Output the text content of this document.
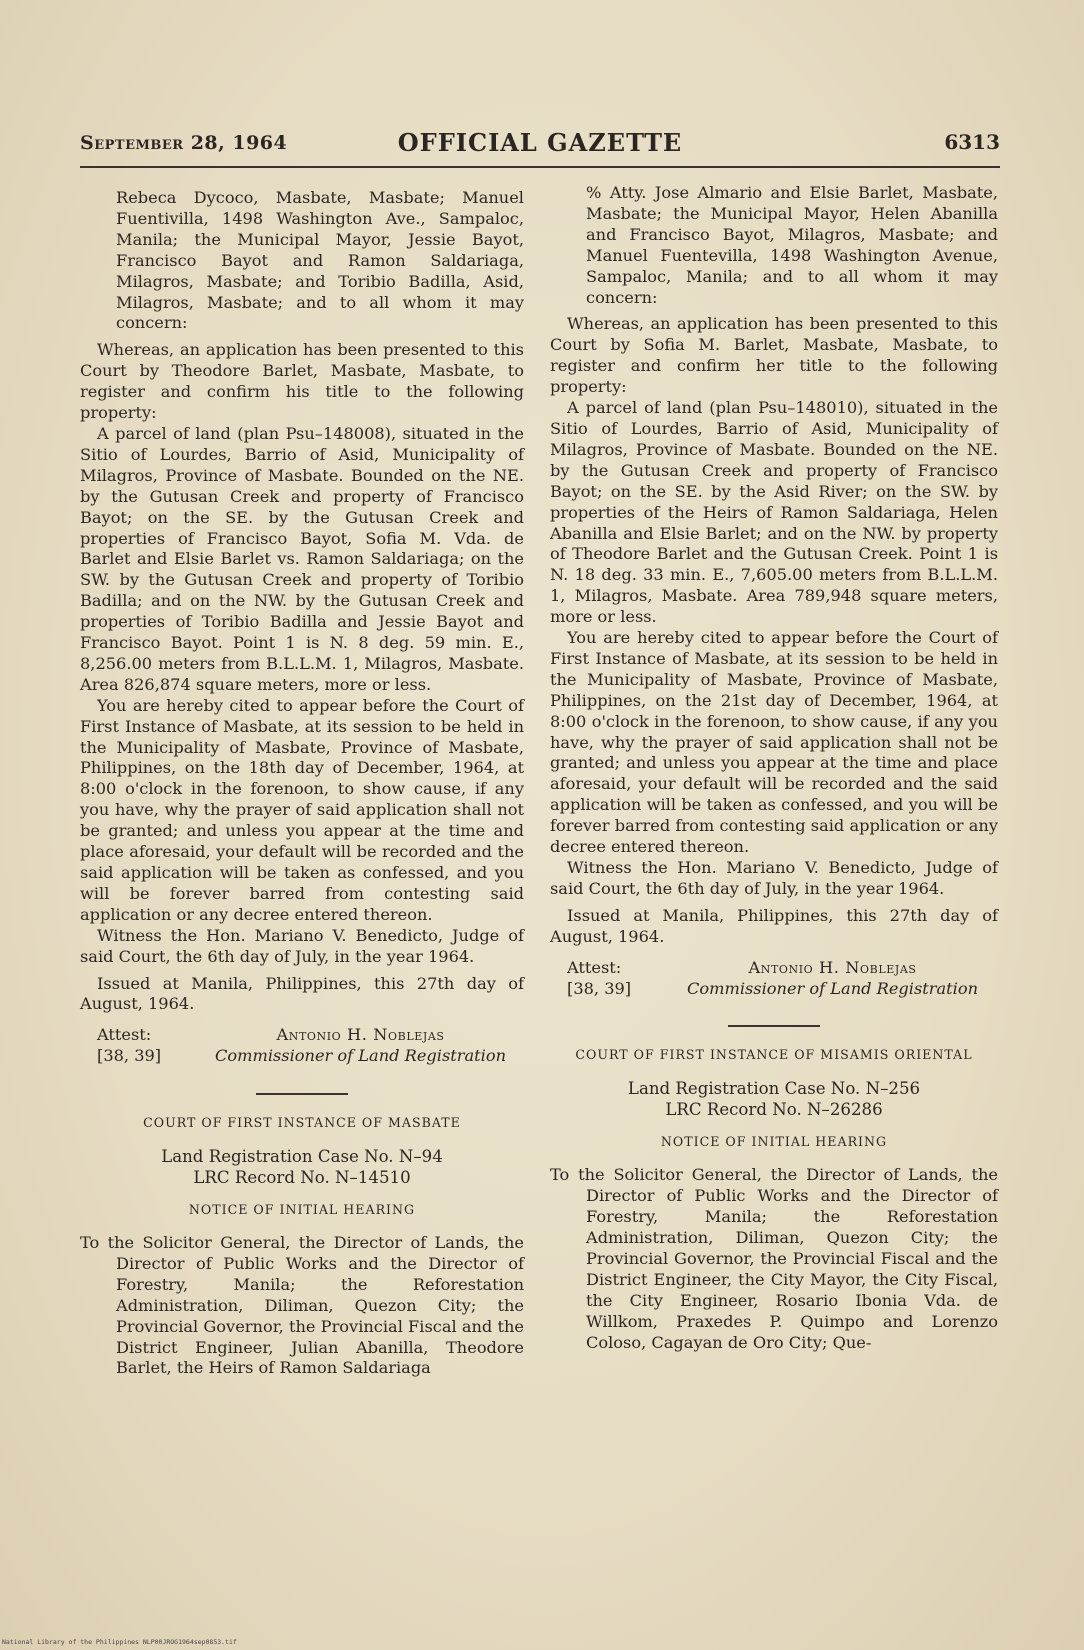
September 28, 1964	OFFICIAL GAZETTE	6313

Rebeca Dycoco, Masbate, Masbate; Manuel Fuentivilla, 1498 Washington Ave., Sampaloc, Manila; the Municipal Mayor, Jessie Bayot, Francisco Bayot and Ramon Saldariaga, Milagros, Masbate; and Toribio Badilla, Asid, Milagros, Masbate; and to all whom it may concern:

Whereas, an application has been presented to this Court by Theodore Barlet, Masbate, Masbate, to register and confirm his title to the following property:

A parcel of land (plan Psu–148008), situated in the Sitio of Lourdes, Barrio of Asid, Municipality of Milagros, Province of Masbate. Bounded on the NE. by the Gutusan Creek and property of Francisco Bayot; on the SE. by the Gutusan Creek and properties of Francisco Bayot, Sofia M. Vda. de Barlet and Elsie Barlet vs. Ramon Saldariaga; on the SW. by the Gutusan Creek and property of Toribio Badilla; and on the NW. by the Gutusan Creek and properties of Toribio Badilla and Jessie Bayot and Francisco Bayot. Point 1 is N. 8 deg. 59 min. E., 8,256.00 meters from B.L.L.M. 1, Milagros, Masbate. Area 826,874 square meters, more or less.

You are hereby cited to appear before the Court of First Instance of Masbate, at its session to be held in the Municipality of Masbate, Province of Masbate, Philippines, on the 18th day of December, 1964, at 8:00 o'clock in the forenoon, to show cause, if any you have, why the prayer of said application shall not be granted; and unless you appear at the time and place aforesaid, your default will be recorded and the said application will be taken as confessed, and you will be forever barred from contesting said application or any decree entered thereon.

Witness the Hon. Mariano V. Benedicto, Judge of said Court, the 6th day of July, in the year 1964.

Issued at Manila, Philippines, this 27th day of August, 1964.

Attest:	Antonio H. Noblejas
[38, 39]	Commissioner of Land Registration
COURT OF FIRST INSTANCE OF MASBATE
Land Registration Case No. N–94
LRC Record No. N–14510
NOTICE OF INITIAL HEARING

To the Solicitor General, the Director of Lands, the Director of Public Works and the Director of Forestry, Manila; the Reforestation Administration, Diliman, Quezon City; the Provincial Governor, the Provincial Fiscal and the District Engineer, Julian Abanilla, Theodore Barlet, the Heirs of Ramon Saldariaga

% Atty. Jose Almario and Elsie Barlet, Masbate, Masbate; the Municipal Mayor, Helen Abanilla and Francisco Bayot, Milagros, Masbate; and Manuel Fuentevilla, 1498 Washington Avenue, Sampaloc, Manila; and to all whom it may concern:

Whereas, an application has been presented to this Court by Sofia M. Barlet, Masbate, Masbate, to register and confirm her title to the following property:

A parcel of land (plan Psu–148010), situated in the Sitio of Lourdes, Barrio of Asid, Municipality of Milagros, Province of Masbate. Bounded on the NE. by the Gutusan Creek and property of Francisco Bayot; on the SE. by the Asid River; on the SW. by properties of the Heirs of Ramon Saldariaga, Helen Abanilla and Elsie Barlet; and on the NW. by property of Theodore Barlet and the Gutusan Creek. Point 1 is N. 18 deg. 33 min. E., 7,605.00 meters from B.L.L.M. 1, Milagros, Masbate. Area 789,948 square meters, more or less.

You are hereby cited to appear before the Court of First Instance of Masbate, at its session to be held in the Municipality of Masbate, Province of Masbate, Philippines, on the 21st day of December, 1964, at 8:00 o'clock in the forenoon, to show cause, if any you have, why the prayer of said application shall not be granted; and unless you appear at the time and place aforesaid, your default will be recorded and the said application will be taken as confessed, and you will be forever barred from contesting said application or any decree entered thereon.

Witness the Hon. Mariano V. Benedicto, Judge of said Court, the 6th day of July, in the year 1964.

Issued at Manila, Philippines, this 27th day of August, 1964.

Attest:	Antonio H. Noblejas
[38, 39]	Commissioner of Land Registration
COURT OF FIRST INSTANCE OF MISAMIS ORIENTAL
Land Registration Case No. N–256
LRC Record No. N–26286
NOTICE OF INITIAL HEARING

To the Solicitor General, the Director of Lands, the Director of Public Works and the Director of Forestry, Manila; the Reforestation Administration, Diliman, Quezon City; the Provincial Governor, the Provincial Fiscal and the District Engineer, the City Mayor, the City Fiscal, the City Engineer, Rosario Ibonia Vda. de Willkom, Praxedes P. Quimpo and Lorenzo Coloso, Cagayan de Oro City; Que-

National Library of the Philippines NLP00JROG1964sep0853.tif
